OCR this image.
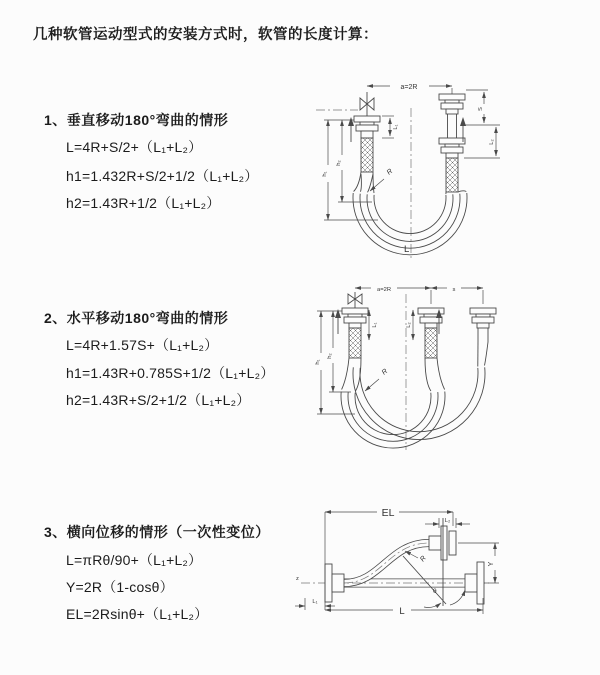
几种软管运动型式的安装方式时，软管的长度计算：
1、垂直移动180°弯曲的情形
L=4R+S/2+（L₁+L₂）
h1=1.432R+S/2+1/2（L₁+L₂）
h2=1.43R+1/2（L₁+L₂）
2、水平移动180°弯曲的情形
L=4R+1.57S+（L₁+L₂）
h1=1.43R+0.785S+1/2（L₁+L₂）
h2=1.43R+S/2+1/2（L₁+L₂）
3、横向位移的情形（一次性变位）
L=πRθ/90+（L₁+L₂）
Y=2R（1-cosθ）
EL=2Rsinθ+（L₁+L₂）
a=2R
h₁
h₂
L₁
S
L₂
R
L
a=2R	s
h₁
h₂
L₁	L₂
R
z
EL
L₂
Y
L
L₁
R
θ
